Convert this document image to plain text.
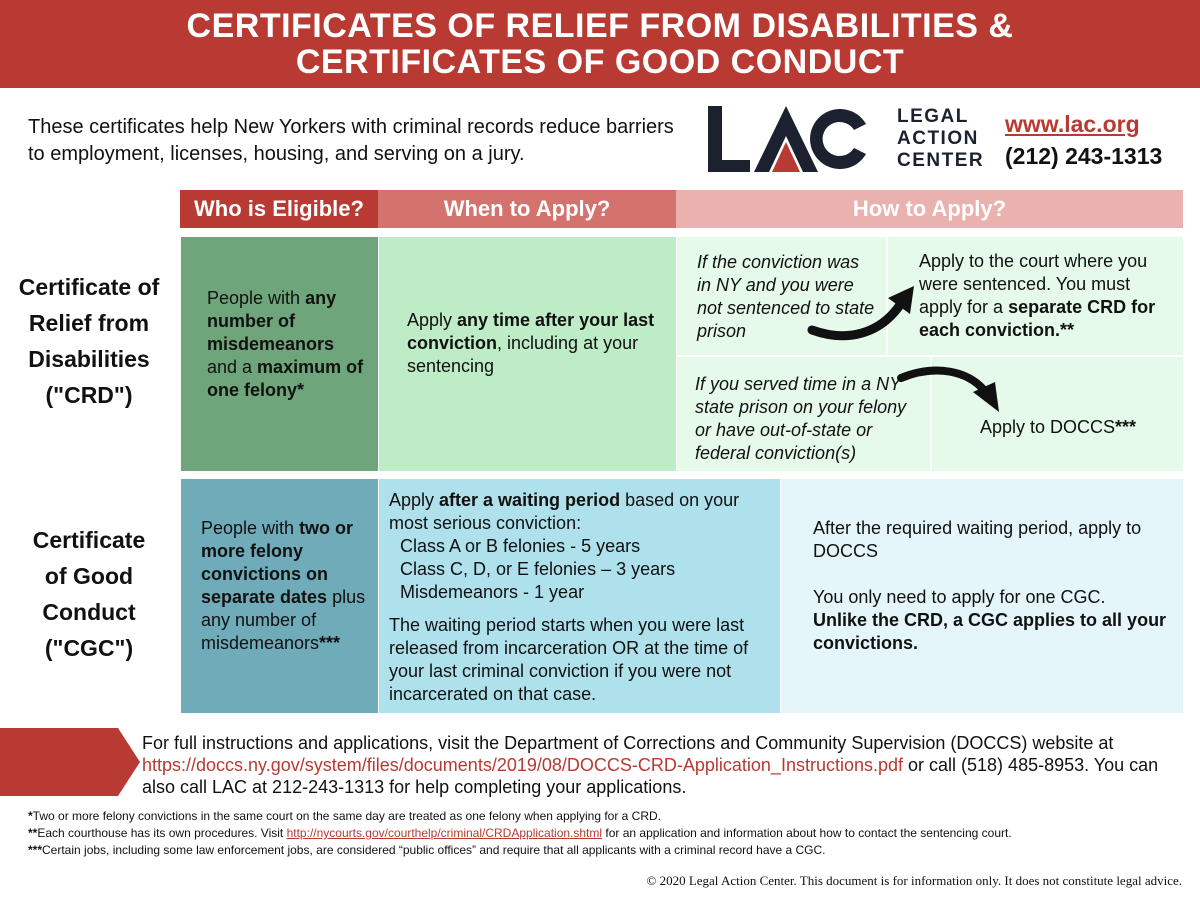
CERTIFICATES OF RELIEF FROM DISABILITIES &
CERTIFICATES OF GOOD CONDUCT
These certificates help New Yorkers with criminal records reduce barriers to employment, licenses, housing, and serving on a jury.
LEGAL
ACTION
CENTER
www.lac.org
(212) 243-1313
Who is Eligible?	When to Apply?	How to Apply?
Certificate of
Relief from
Disabilities
("CRD")
People with any number of misdemeanors and a maximum of one felony*
Apply any time after your last conviction, including at your sentencing
If the conviction was in NY and you were not sentenced to state prison
Apply to the court where you were sentenced. You must apply for a separate CRD for each conviction.**
If you served time in a NY state prison on your felony or have out-of-state or federal conviction(s)
Apply to DOCCS***
Certificate
of Good
Conduct
("CGC")
People with two or more felony convictions on separate dates plus any number of misdemeanors***
Apply after a waiting period based on your most serious conviction:
Class A or B felonies - 5 years
Class C, D, or E felonies – 3 years
Misdemeanors - 1 year
The waiting period starts when you were last released from incarceration OR at the time of your last criminal conviction if you were not incarcerated on that case.
After the required waiting period, apply to DOCCS
You only need to apply for one CGC.
Unlike the CRD, a CGC applies to all your convictions.
For full instructions and applications, visit the Department of Corrections and Community Supervision (DOCCS) website at https://doccs.ny.gov/system/files/documents/2019/08/DOCCS-CRD-Application_Instructions.pdf or call (518) 485-8953. You can also call LAC at 212-243-1313 for help completing your applications.
*Two or more felony convictions in the same court on the same day are treated as one felony when applying for a CRD.
**Each courthouse has its own procedures. Visit http://nycourts.gov/courthelp/criminal/CRDApplication.shtml for an application and information about how to contact the sentencing court.
***Certain jobs, including some law enforcement jobs, are considered “public offices” and require that all applicants with a criminal record have a CGC.
© 2020 Legal Action Center. This document is for information only. It does not constitute legal advice.
